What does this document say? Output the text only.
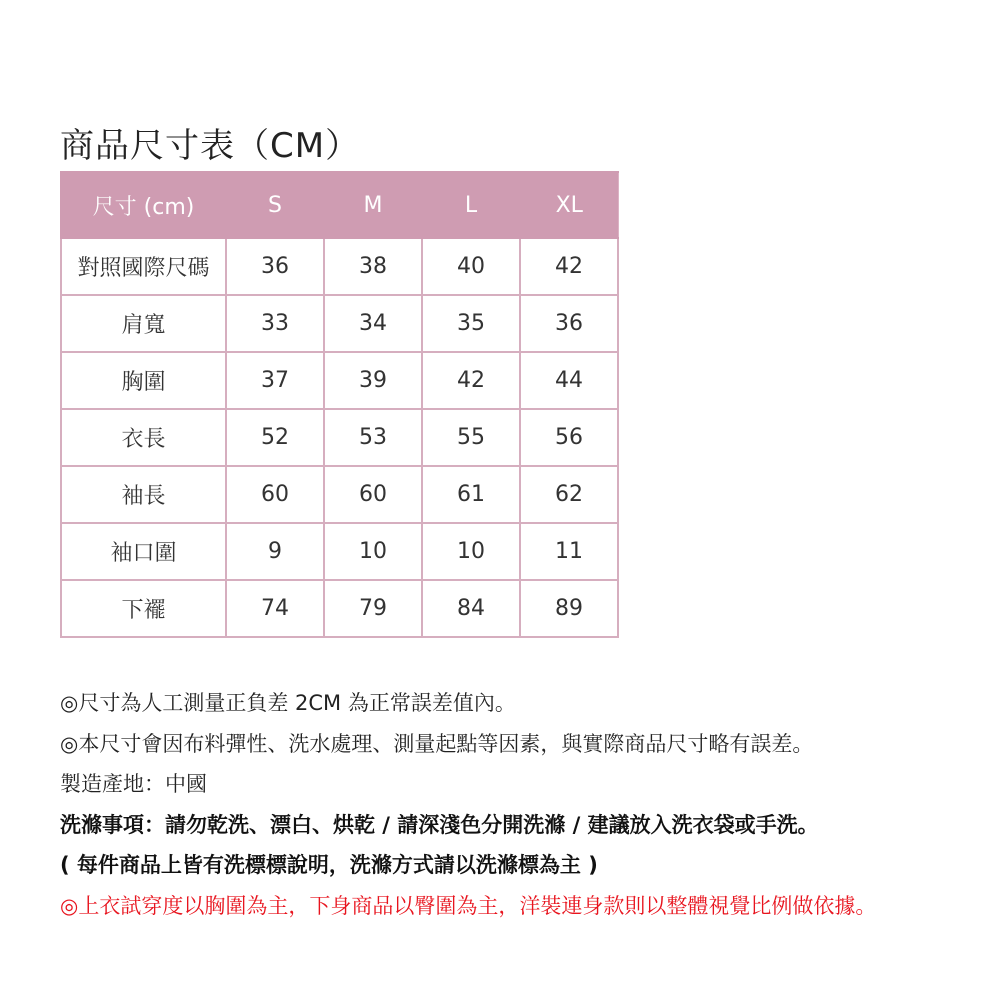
商品尺寸表（CM）
尺寸 (cm)	S	M	L	XL
對照國際尺碼	36	38	40	42
肩寬	33	34	35	36
胸圍	37	39	42	44
衣長	52	53	55	56
袖長	60	60	61	62
袖口圍	9	10	10	11
下襬	74	79	84	89
◎尺寸為人工測量正負差 2CM 為正常誤差值內。
◎本尺寸會因布料彈性、洗水處理、測量起點等因素，與實際商品尺寸略有誤差。
製造產地：中國
洗滌事項：請勿乾洗、漂白、烘乾 / 請深淺色分開洗滌 / 建議放入洗衣袋或手洗。
( 每件商品上皆有洗標標說明，洗滌方式請以洗滌標為主 )
◎上衣試穿度以胸圍為主，下身商品以臀圍為主，洋裝連身款則以整體視覺比例做依據。
